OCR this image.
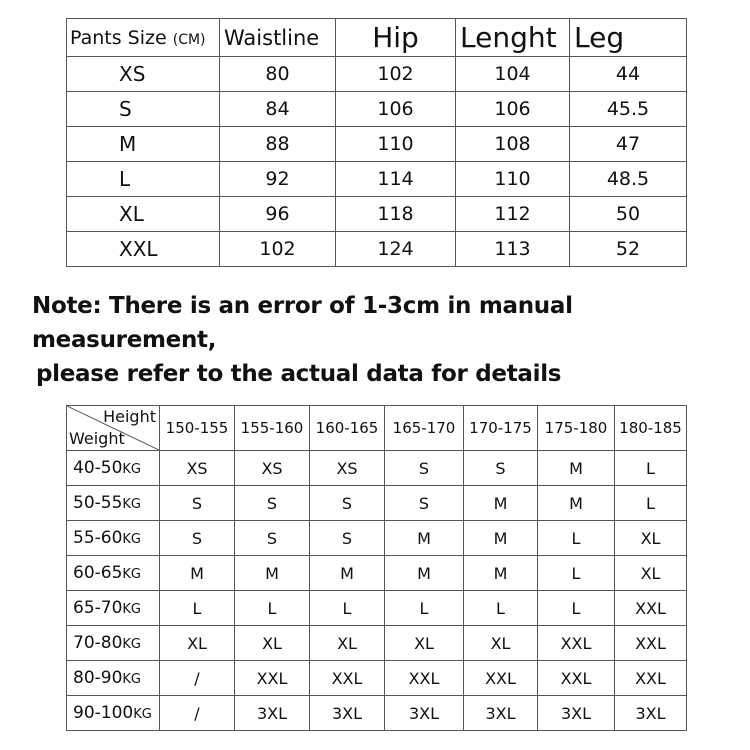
Pants Size (CM)	Waistline	Hip	Lenght	Leg
XS	80	102	104	44
S	84	106	106	45.5
M	88	110	108	47
L	92	114	110	48.5
XL	96	118	112	50
XXL	102	124	113	52

Note: There is an error of 1-3cm in manual measurement,
please refer to the actual data for details

Height
Weight	150-155	155-160	160-165	165-170	170-175	175-180	180-185
40-50KG	XS	XS	XS	S	S	M	L
50-55KG	S	S	S	S	M	M	L
55-60KG	S	S	S	M	M	L	XL
60-65KG	M	M	M	M	M	L	XL
65-70KG	L	L	L	L	L	L	XXL
70-80KG	XL	XL	XL	XL	XL	XXL	XXL
80-90KG	/	XXL	XXL	XXL	XXL	XXL	XXL
90-100KG	/	3XL	3XL	3XL	3XL	3XL	3XL
